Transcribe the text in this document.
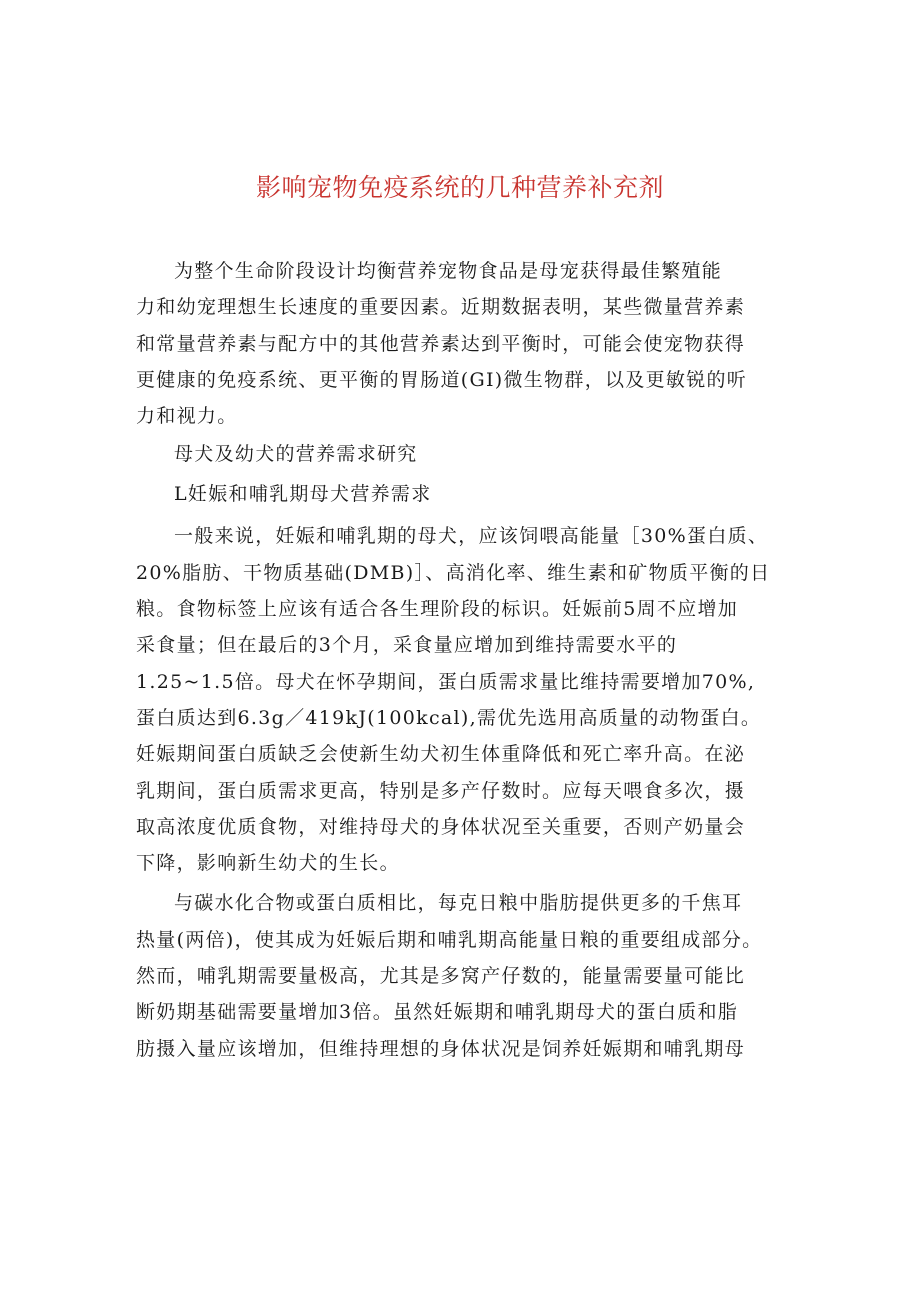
影响宠物免疫系统的几种营养补充剂

为整个生命阶段设计均衡营养宠物食品是母宠获得最佳繁殖能
力和幼宠理想生长速度的重要因素。近期数据表明，某些微量营养素
和常量营养素与配方中的其他营养素达到平衡时，可能会使宠物获得
更健康的免疫系统、更平衡的胃肠道(GI)微生物群，以及更敏锐的听
力和视力。

母犬及幼犬的营养需求研究

L妊娠和哺乳期母犬营养需求

一般来说，妊娠和哺乳期的母犬，应该饲喂高能量［30%蛋白质、
20%脂肪、干物质基础(DMB)］、高消化率、维生素和矿物质平衡的日
粮。食物标签上应该有适合各生理阶段的标识。妊娠前5周不应增加
采食量；但在最后的3个月，采食量应增加到维持需要水平的
1.25~1.5倍。母犬在怀孕期间，蛋白质需求量比维持需要增加70%,
蛋白质达到6.3g／419kJ(100kcal),需优先选用高质量的动物蛋白。
妊娠期间蛋白质缺乏会使新生幼犬初生体重降低和死亡率升高。在泌
乳期间，蛋白质需求更高，特别是多产仔数时。应每天喂食多次，摄
取高浓度优质食物，对维持母犬的身体状况至关重要，否则产奶量会
下降，影响新生幼犬的生长。

与碳水化合物或蛋白质相比，每克日粮中脂肪提供更多的千焦耳
热量(两倍)，使其成为妊娠后期和哺乳期高能量日粮的重要组成部分。
然而，哺乳期需要量极高，尤其是多窝产仔数的，能量需要量可能比
断奶期基础需要量增加3倍。虽然妊娠期和哺乳期母犬的蛋白质和脂
肪摄入量应该增加，但维持理想的身体状况是饲养妊娠期和哺乳期母
